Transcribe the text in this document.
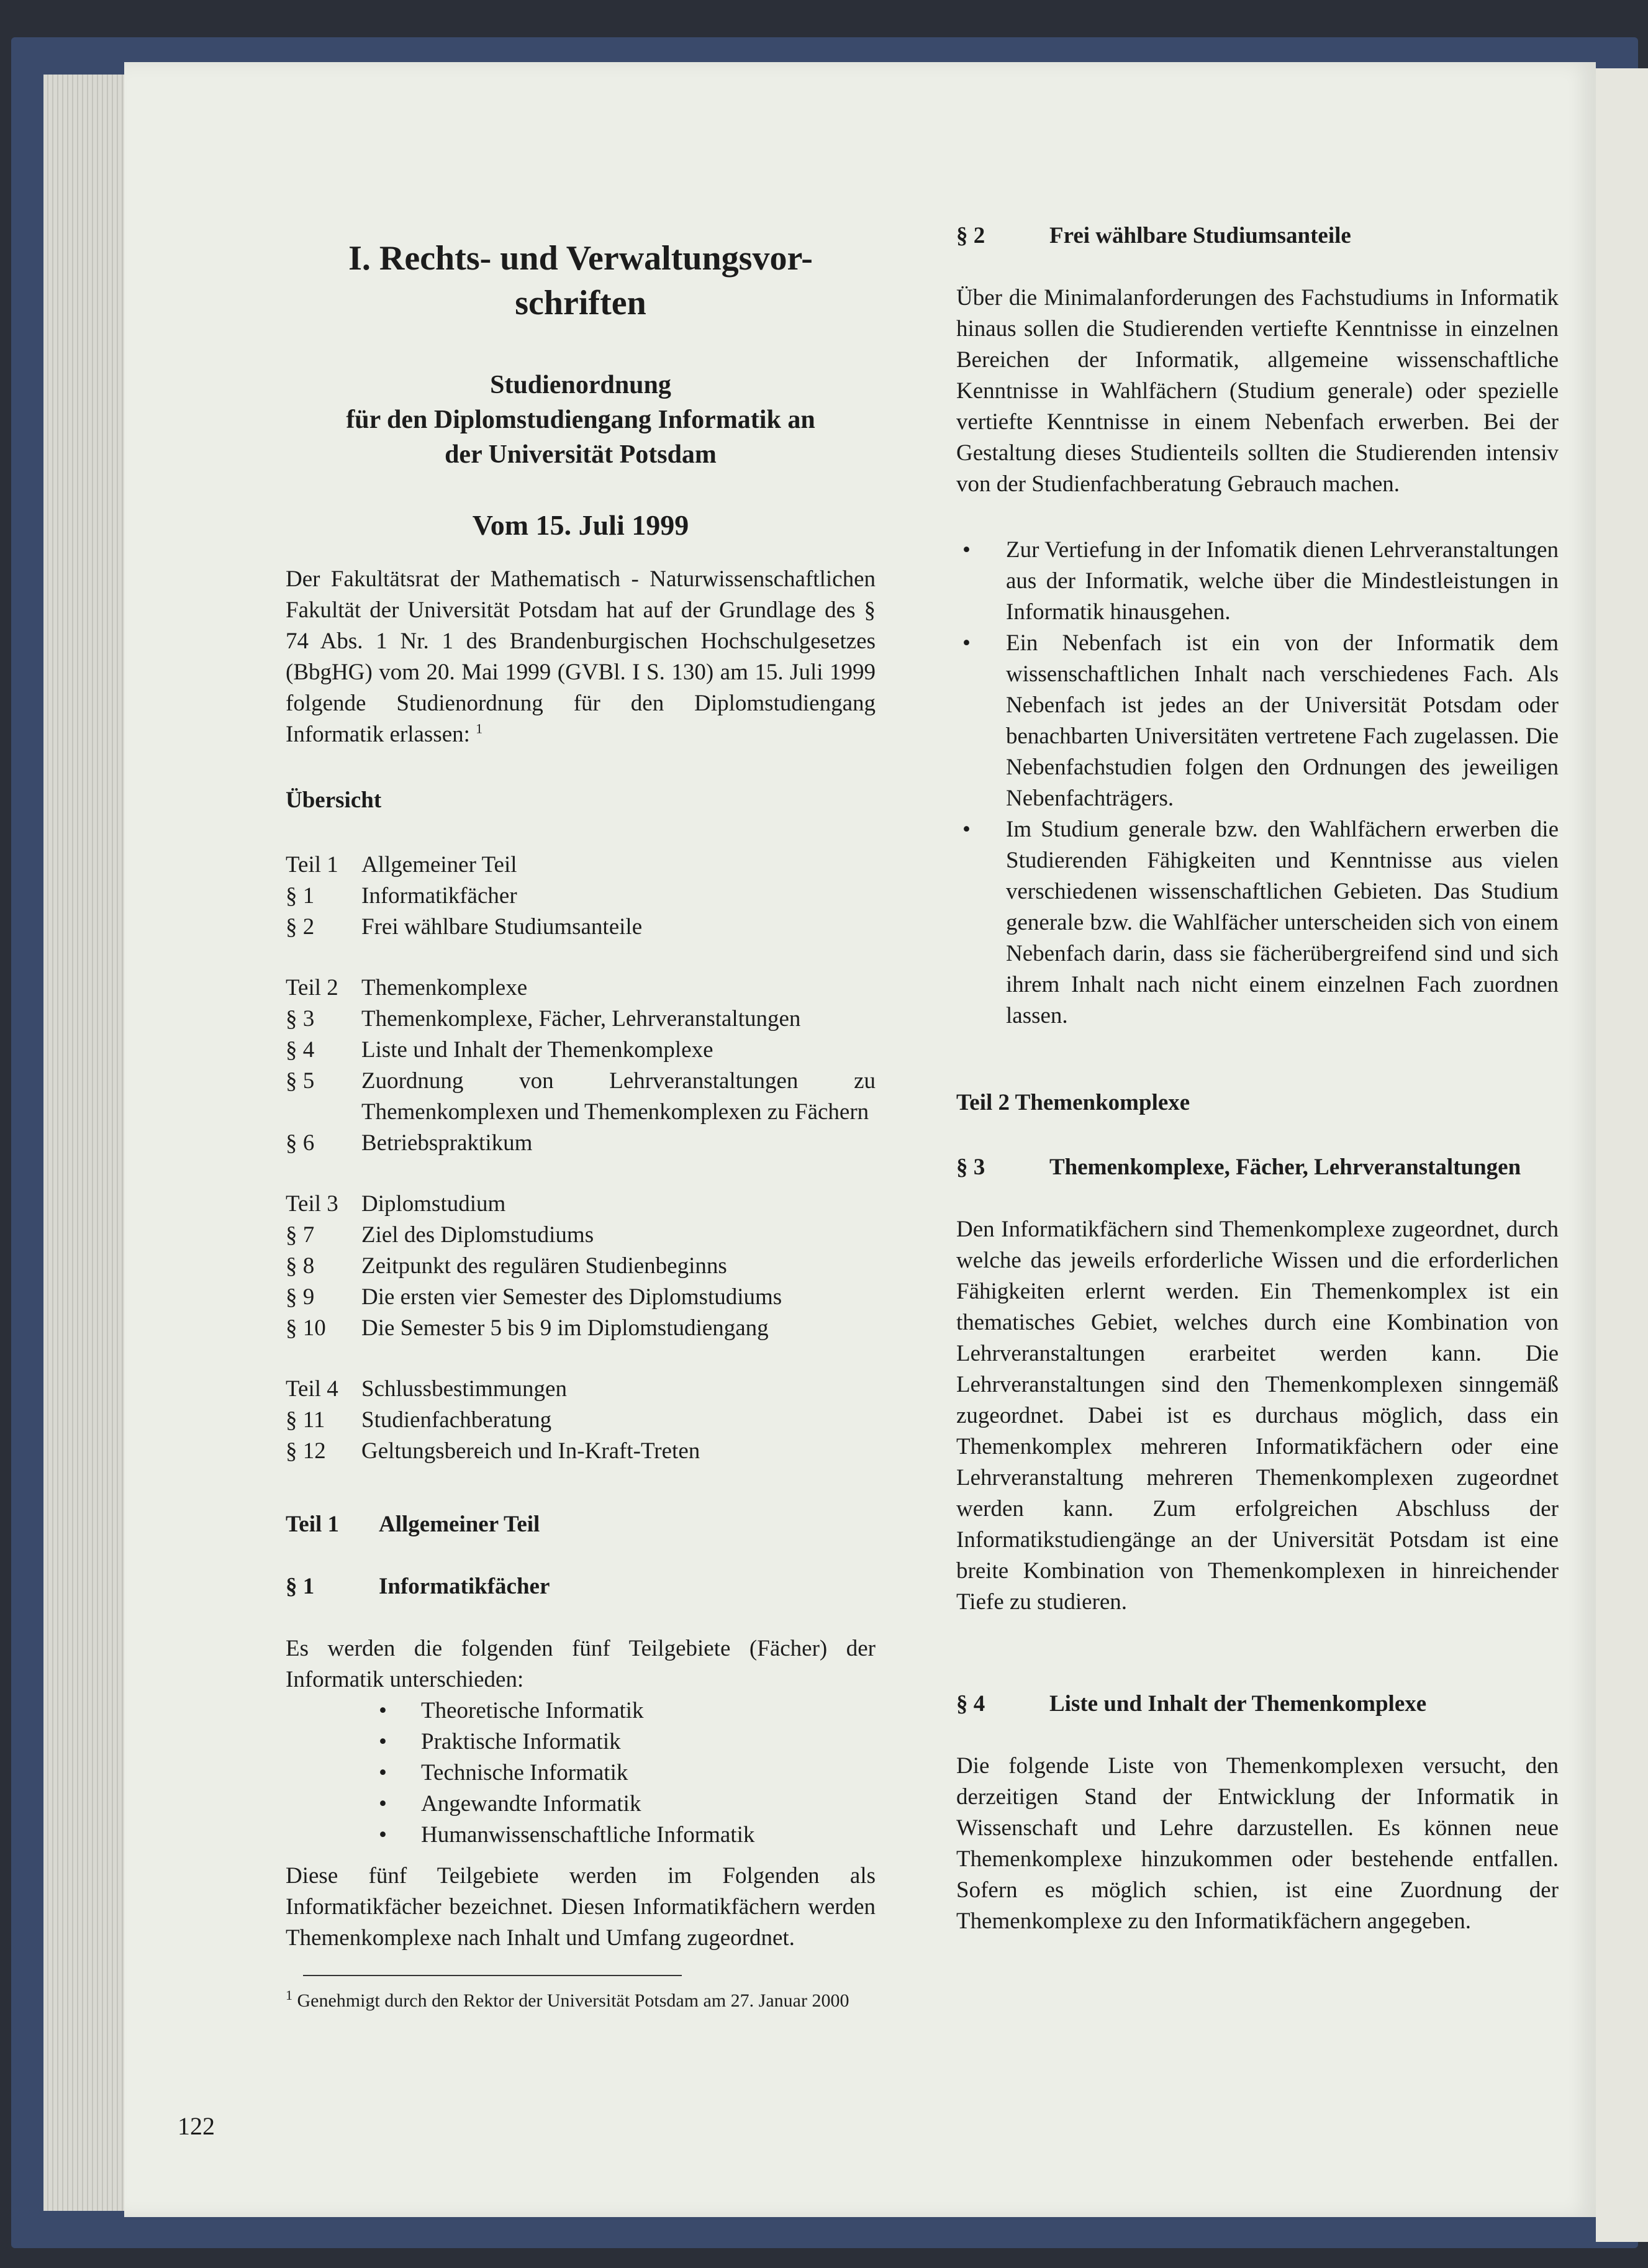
I. Rechts- und Verwaltungsvor-
schriften
Studienordnung
für den Diplomstudiengang Informatik an
der Universität Potsdam
Vom 15. Juli 1999

Der Fakultätsrat der Mathematisch - Naturwissenschaftlichen Fakultät der Universität Potsdam hat auf der Grundlage des § 74 Abs. 1 Nr. 1 des Brandenburgischen Hochschulgesetzes (BbgHG) vom 20. Mai 1999 (GVBl. I S. 130) am 15. Juli 1999 folgende Studienordnung für den Diplomstudiengang Informatik erlassen: $^1$

Übersicht
Teil 1	Allgemeiner Teil
§ 1	Informatikfächer
§ 2	Frei wählbare Studiumsanteile
Teil 2	Themenkomplexe
§ 3	Themenkomplexe, Fächer, Lehrveranstaltungen
§ 4	Liste und Inhalt der Themenkomplexe
§ 5	Zuordnung von Lehrveranstaltungen zu Themenkomplexen und Themenkomplexen zu Fächern
§ 6	Betriebspraktikum
Teil 3	Diplomstudium
§ 7	Ziel des Diplomstudiums
§ 8	Zeitpunkt des regulären Studienbeginns
§ 9	Die ersten vier Semester des Diplomstudiums
§ 10	Die Semester 5 bis 9 im Diplomstudiengang
Teil 4	Schlussbestimmungen
§ 11	Studienfachberatung
§ 12	Geltungsbereich und In-Kraft-Treten
Teil 1	Allgemeiner Teil
§ 1	Informatikfächer

Es werden die folgenden fünf Teilgebiete (Fächer) der Informatik unterschieden:

• Theoretische Informatik
• Praktische Informatik
• Technische Informatik
• Angewandte Informatik
• Humanwissenschaftliche Informatik

Diese fünf Teilgebiete werden im Folgenden als Informatikfächer bezeichnet. Diesen Informatikfächern werden Themenkomplexe nach Inhalt und Umfang zugeordnet.

$^1$ Genehmigt durch den Rektor der Universität Potsdam am 27. Januar 2000

122
§ 2	Frei wählbare Studiumsanteile

Über die Minimalanforderungen des Fachstudiums in Informatik hinaus sollen die Studierenden vertiefte Kenntnisse in einzelnen Bereichen der Informatik, allgemeine wissenschaftliche Kenntnisse in Wahlfächern (Studium generale) oder spezielle vertiefte Kenntnisse in einem Nebenfach erwerben. Bei der Gestaltung dieses Studienteils sollten die Studierenden intensiv von der Studienfachberatung Gebrauch machen.

• Zur Vertiefung in der Infomatik dienen Lehrveranstaltungen aus der Informatik, welche über die Mindestleistungen in Informatik hinausgehen.
• Ein Nebenfach ist ein von der Informatik dem wissenschaftlichen Inhalt nach verschiedenes Fach. Als Nebenfach ist jedes an der Universität Potsdam oder benachbarten Universitäten vertretene Fach zugelassen. Die Nebenfachstudien folgen den Ordnungen des jeweiligen Nebenfachträgers.
• Im Studium generale bzw. den Wahlfächern erwerben die Studierenden Fähigkeiten und Kenntnisse aus vielen verschiedenen wissenschaftlichen Gebieten. Das Studium generale bzw. die Wahlfächer unterscheiden sich von einem Nebenfach darin, dass sie fächerübergreifend sind und sich ihrem Inhalt nach nicht einem einzelnen Fach zuordnen lassen.
Teil 2 Themenkomplexe
§ 3	Themenkomplexe, Fächer, Lehrveranstaltungen

Den Informatikfächern sind Themenkomplexe zugeordnet, durch welche das jeweils erforderliche Wissen und die erforderlichen Fähigkeiten erlernt werden. Ein Themenkomplex ist ein thematisches Gebiet, welches durch eine Kombination von Lehrveranstaltungen erarbeitet werden kann. Die Lehrveranstaltungen sind den Themenkomplexen sinngemäß zugeordnet. Dabei ist es durchaus möglich, dass ein Themenkomplex mehreren Informatikfächern oder eine Lehrveranstaltung mehreren Themenkomplexen zugeordnet werden kann. Zum erfolgreichen Abschluss der Informatikstudiengänge an der Universität Potsdam ist eine breite Kombination von Themenkomplexen in hinreichender Tiefe zu studieren.

§ 4	Liste und Inhalt der Themenkomplexe

Die folgende Liste von Themenkomplexen versucht, den derzeitigen Stand der Entwicklung der Informatik in Wissenschaft und Lehre darzustellen. Es können neue Themenkomplexe hinzukommen oder bestehende entfallen. Sofern es möglich schien, ist eine Zuordnung der Themenkomplexe zu den Informatikfächern angegeben.
